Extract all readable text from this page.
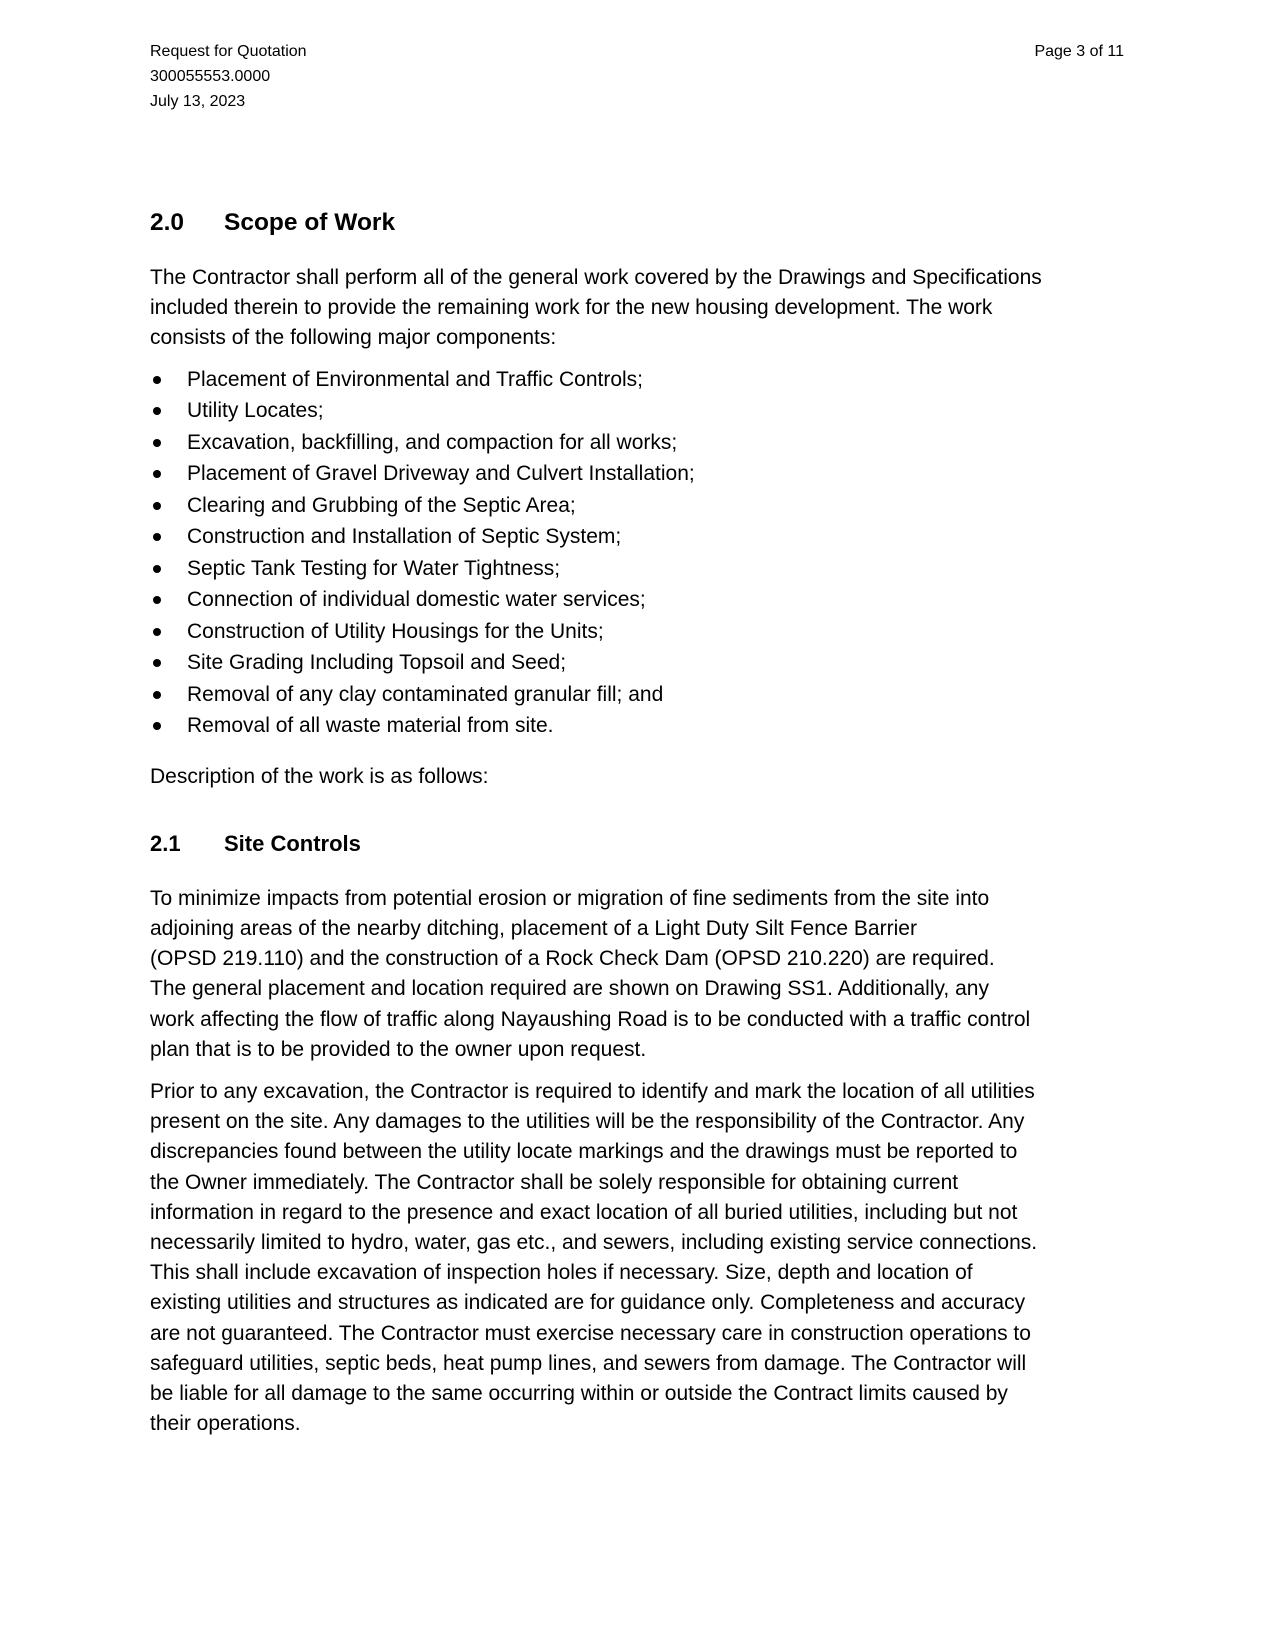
Request for Quotation
300055553.0000
July 13, 2023
Page 3 of 11
2.0	Scope of Work
The Contractor shall perform all of the general work covered by the Drawings and Specifications
included therein to provide the remaining work for the new housing development. The work
consists of the following major components:
Placement of Environmental and Traffic Controls;
Utility Locates;
Excavation, backfilling, and compaction for all works;
Placement of Gravel Driveway and Culvert Installation;
Clearing and Grubbing of the Septic Area;
Construction and Installation of Septic System;
Septic Tank Testing for Water Tightness;
Connection of individual domestic water services;
Construction of Utility Housings for the Units;
Site Grading Including Topsoil and Seed;
Removal of any clay contaminated granular fill; and
Removal of all waste material from site.

Description of the work is as follows:

2.1	Site Controls
To minimize impacts from potential erosion or migration of fine sediments from the site into
adjoining areas of the nearby ditching, placement of a Light Duty Silt Fence Barrier
(OPSD 219.110) and the construction of a Rock Check Dam (OPSD 210.220) are required.
The general placement and location required are shown on Drawing SS1. Additionally, any
work affecting the flow of traffic along Nayaushing Road is to be conducted with a traffic control
plan that is to be provided to the owner upon request.
Prior to any excavation, the Contractor is required to identify and mark the location of all utilities
present on the site. Any damages to the utilities will be the responsibility of the Contractor. Any
discrepancies found between the utility locate markings and the drawings must be reported to
the Owner immediately. The Contractor shall be solely responsible for obtaining current
information in regard to the presence and exact location of all buried utilities, including but not
necessarily limited to hydro, water, gas etc., and sewers, including existing service connections.
This shall include excavation of inspection holes if necessary. Size, depth and location of
existing utilities and structures as indicated are for guidance only. Completeness and accuracy
are not guaranteed. The Contractor must exercise necessary care in construction operations to
safeguard utilities, septic beds, heat pump lines, and sewers from damage. The Contractor will
be liable for all damage to the same occurring within or outside the Contract limits caused by
their operations.
